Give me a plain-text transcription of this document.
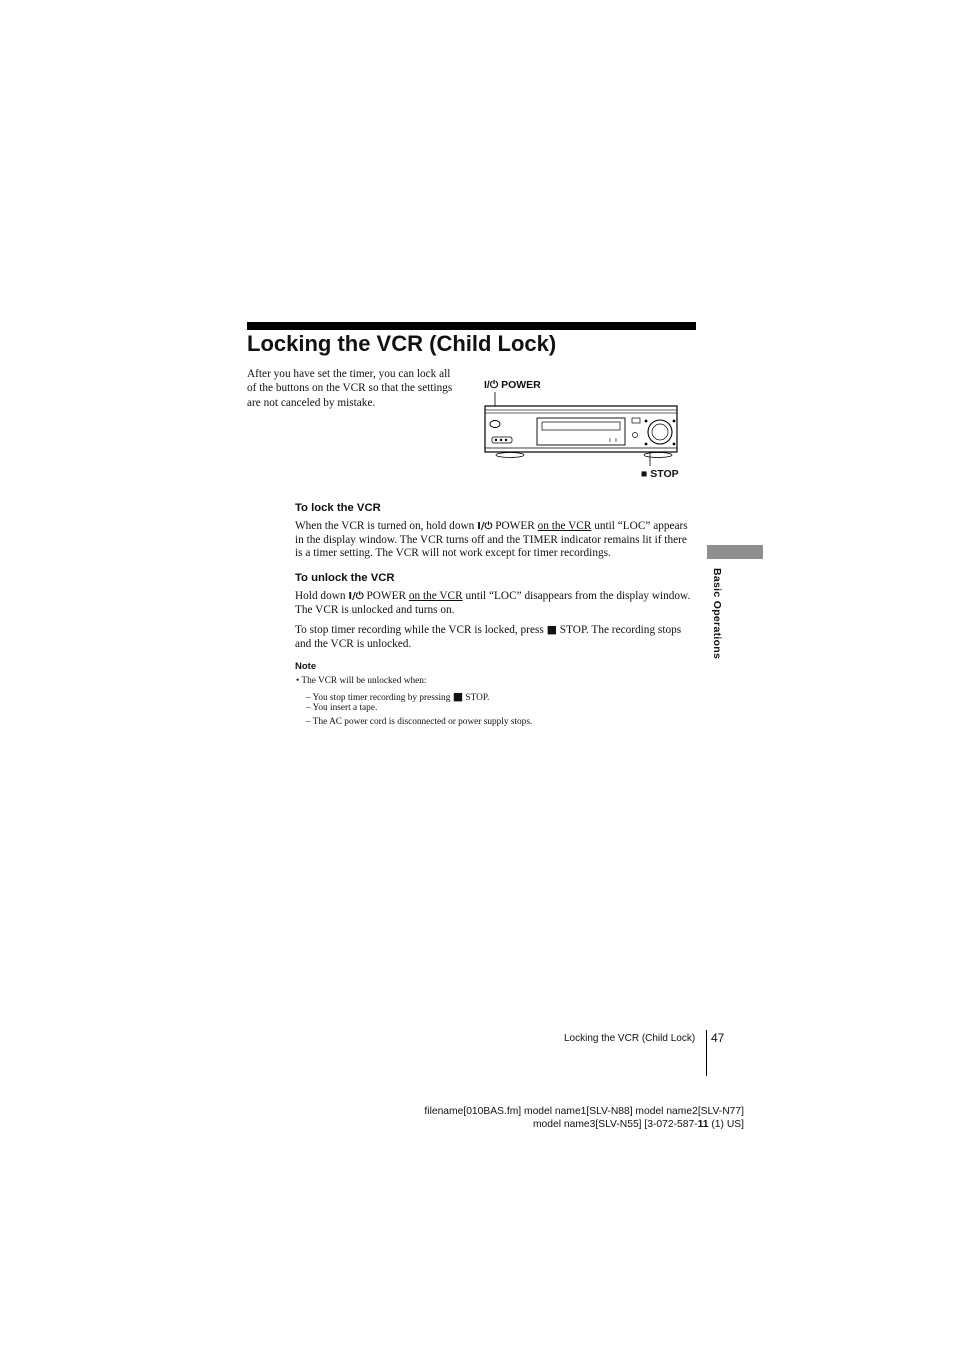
Locking the VCR (Child Lock)
After you have set the timer, you can lock all of the buttons on the VCR so that the settings are not canceled by mistake.
I/⏻ POWER
■ STOP
To lock the VCR
When the VCR is turned on, hold down I/⏻ POWER on the VCR until “LOC” appears in the display window. The VCR turns off and the TIMER indicator remains lit if there is a timer setting. The VCR will not work except for timer recordings.
To unlock the VCR
Hold down I/⏻ POWER on the VCR until “LOC” disappears from the display window. The VCR is unlocked and turns on.
To stop timer recording while the VCR is locked, press ■ STOP. The recording stops and the VCR is unlocked.
Note
• The VCR will be unlocked when:
– You stop timer recording by pressing ■ STOP.
– You insert a tape.
– The AC power cord is disconnected or power supply stops.
Basic Operations
Locking the VCR (Child Lock) 47
filename[010BAS.fm] model name1[SLV-N88] model name2[SLV-N77]
model name3[SLV-N55] [3-072-587-11 (1) US]
